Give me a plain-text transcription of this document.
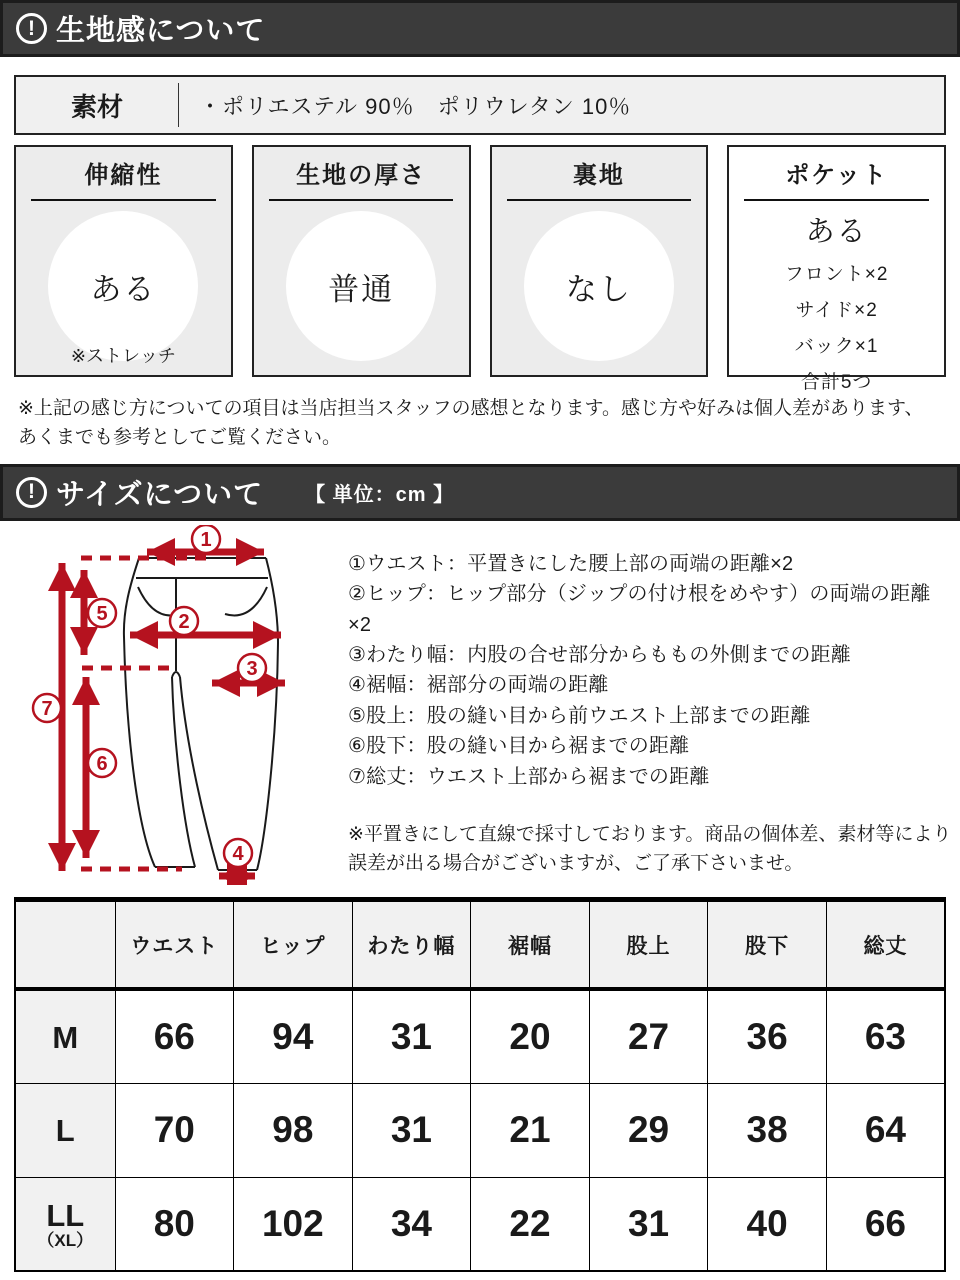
! 生地感について
素材	・ポリエステル 90％　ポリウレタン 10％
伸縮性
ある
※ストレッチ
生地の厚さ
普通
裏地
なし
ポケット
ある
フロント×2
サイド×2
バック×1
合計5つ

※上記の感じ方についての項目は当店担当スタッフの感想となります。感じ方や好みは個人差があります、あくまでも参考としてご覧ください。

! サイズについて 【 単位：cm 】
1
2
3
4
5
6
7
①ウエスト：平置きにした腰上部の両端の距離×2
②ヒップ：ヒップ部分（ジップの付け根をめやす）の両端の距離×2
③わたり幅：内股の合せ部分からももの外側までの距離
④裾幅：裾部分の両端の距離
⑤股上：股の縫い目から前ウエスト上部までの距離
⑥股下：股の縫い目から裾までの距離
⑦総丈：ウエスト上部から裾までの距離

※平置きにして直線で採寸しております。商品の個体差、素材等により誤差が出る場合がございますが、ご了承下さいませ。

	ウエスト	ヒップ	わたり幅	裾幅	股上	股下	総丈
M	66	94	31	20	27	36	63
L	70	98	31	21	29	38	64
LL
（XL）	80	102	34	22	31	40	66
